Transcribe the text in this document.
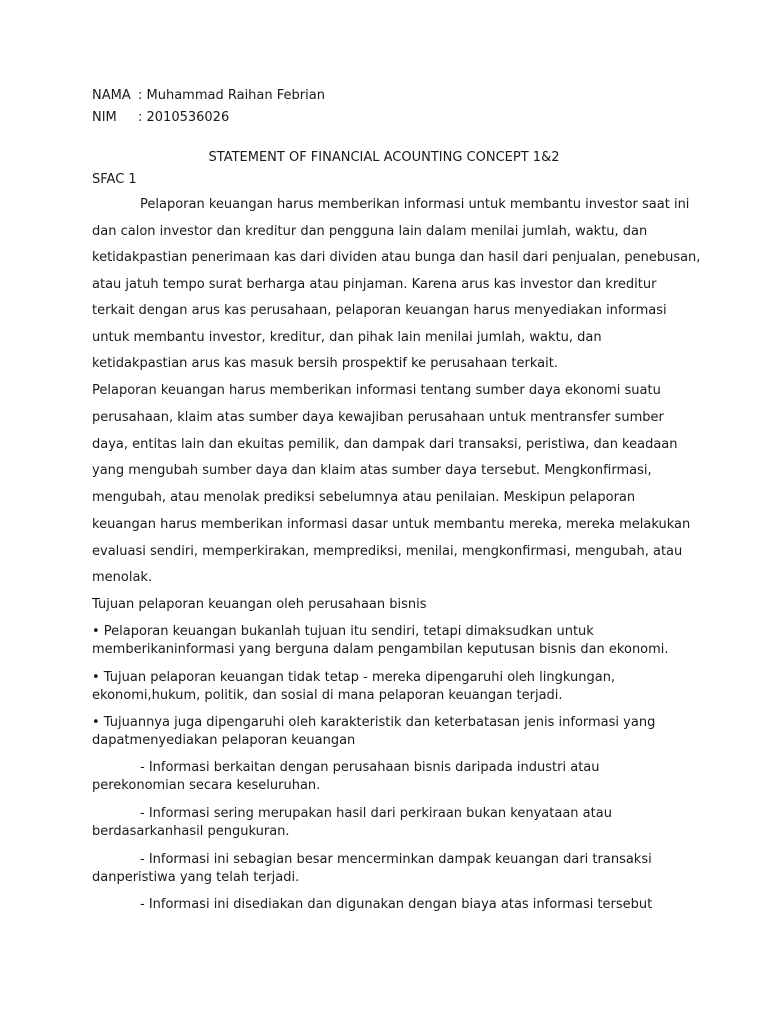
NAMA : Muhammad Raihan Febrian
NIM : 2010536026
STATEMENT OF FINANCIAL ACOUNTING CONCEPT 1&2
SFAC 1
Pelaporan keuangan harus memberikan informasi untuk membantu investor saat ini
dan calon investor dan kreditur dan pengguna lain dalam menilai jumlah, waktu, dan
ketidakpastian penerimaan kas dari dividen atau bunga dan hasil dari penjualan, penebusan,
atau jatuh tempo surat berharga atau pinjaman. Karena arus kas investor dan kreditur
terkait dengan arus kas perusahaan, pelaporan keuangan harus menyediakan informasi
untuk membantu investor, kreditur, dan pihak lain menilai jumlah, waktu, dan
ketidakpastian arus kas masuk bersih prospektif ke perusahaan terkait.
Pelaporan keuangan harus memberikan informasi tentang sumber daya ekonomi suatu
perusahaan, klaim atas sumber daya kewajiban perusahaan untuk mentransfer sumber
daya, entitas lain dan ekuitas pemilik, dan dampak dari transaksi, peristiwa, dan keadaan
yang mengubah sumber daya dan klaim atas sumber daya tersebut. Mengkonfirmasi,
mengubah, atau menolak prediksi sebelumnya atau penilaian. Meskipun pelaporan
keuangan harus memberikan informasi dasar untuk membantu mereka, mereka melakukan
evaluasi sendiri, memperkirakan, memprediksi, menilai, mengkonfirmasi, mengubah, atau
menolak.
Tujuan pelaporan keuangan oleh perusahaan bisnis
• Pelaporan keuangan bukanlah tujuan itu sendiri, tetapi dimaksudkan untuk
memberikaninformasi yang berguna dalam pengambilan keputusan bisnis dan ekonomi.
• Tujuan pelaporan keuangan tidak tetap - mereka dipengaruhi oleh lingkungan,
ekonomi,hukum, politik, dan sosial di mana pelaporan keuangan terjadi.
• Tujuannya juga dipengaruhi oleh karakteristik dan keterbatasan jenis informasi yang
dapatmenyediakan pelaporan keuangan
- Informasi berkaitan dengan perusahaan bisnis daripada industri atau
perekonomian secara keseluruhan.
- Informasi sering merupakan hasil dari perkiraan bukan kenyataan atau
berdasarkanhasil pengukuran.
- Informasi ini sebagian besar mencerminkan dampak keuangan dari transaksi
danperistiwa yang telah terjadi.
- Informasi ini disediakan dan digunakan dengan biaya atas informasi tersebut
